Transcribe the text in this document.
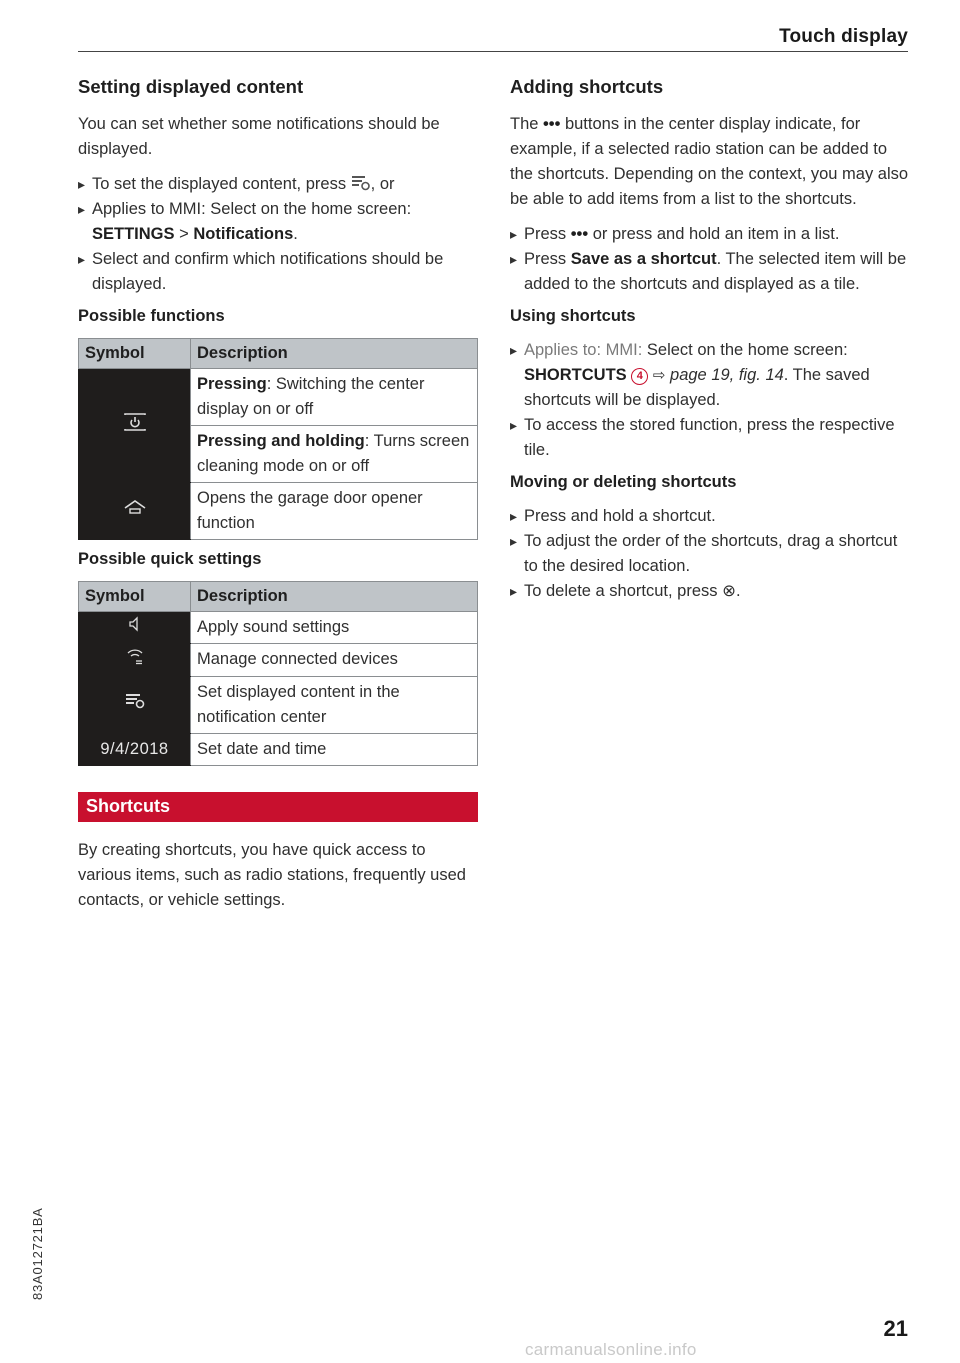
Touch display
Setting displayed content

You can set whether some notifications should be displayed.

▸ To set the displayed content, press , or
▸ Applies to MMI: Select on the home screen: SETTINGS > Notifications.
▸ Select and confirm which notifications should be displayed.
Possible functions
Symbol	Description
	Pressing: Switching the center display on or off
	Pressing and holding: Turns screen cleaning mode on or off
	Opens the garage door opener function
Possible quick settings
Symbol	Description
	Apply sound settings
	Manage connected devices
	Set displayed content in the notification center
9/4/2018	Set date and time
Shortcuts

By creating shortcuts, you have quick access to various items, such as radio stations, frequently used contacts, or vehicle settings.

Adding shortcuts

The ••• buttons in the center display indicate, for example, if a selected radio station can be added to the shortcuts. Depending on the context, you may also be able to add items from a list to the shortcuts.

▸ Press ••• or press and hold an item in a list.
▸ Press Save as a shortcut. The selected item will be added to the shortcuts and displayed as a tile.
Using shortcuts
▸ Applies to: MMI: Select on the home screen: SHORTCUTS 4 ⇨ page 19, fig. 14. The saved shortcuts will be displayed.
▸ To access the stored function, press the respective tile.
Moving or deleting shortcuts
▸ Press and hold a shortcut.
▸ To adjust the order of the shortcuts, drag a shortcut to the desired location.
▸ To delete a shortcut, press ⊗.
83A012721BA
21
carmanualsonline.info
